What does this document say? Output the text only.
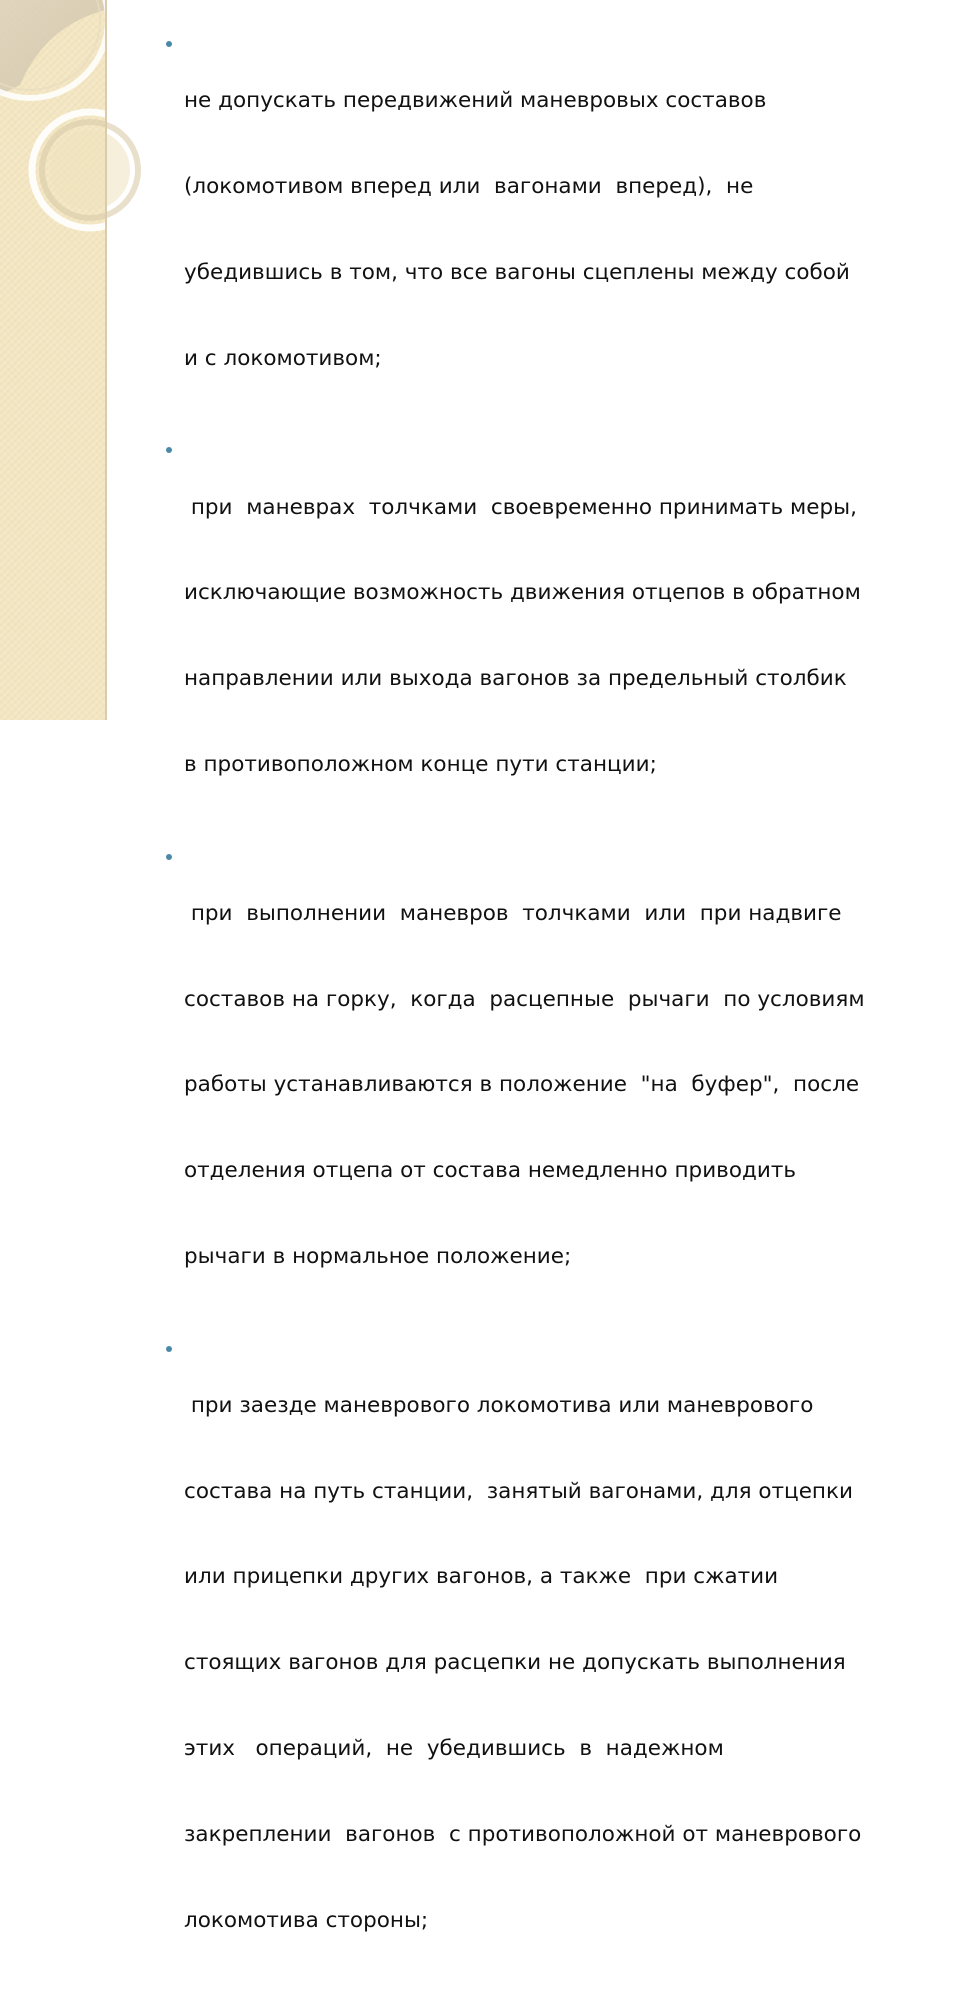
не допускать передвижений маневровых составов

(локомотивом вперед или  вагонами  вперед),  не

убедившись в том, что все вагоны сцеплены между собой

и с локомотивом;

при  маневрах  толчками  своевременно принимать меры,

исключающие возможность движения отцепов в обратном

направлении или выхода вагонов за предельный столбик

в противоположном конце пути станции;

при  выполнении  маневров  толчками  или  при надвиге

составов на горку,  когда  расцепные  рычаги  по условиям

работы устанавливаются в положение  "на  буфер",  после

отделения отцепа от состава немедленно приводить

рычаги в нормальное положение;

при заезде маневрового локомотива или маневрового

состава на путь станции,  занятый вагонами, для отцепки

или прицепки других вагонов, а также  при сжатии

стоящих вагонов для расцепки не допускать выполнения

этих   операций,  не  убедившись  в  надежном

закреплении  вагонов  с противоположной от маневрового

локомотива стороны;
